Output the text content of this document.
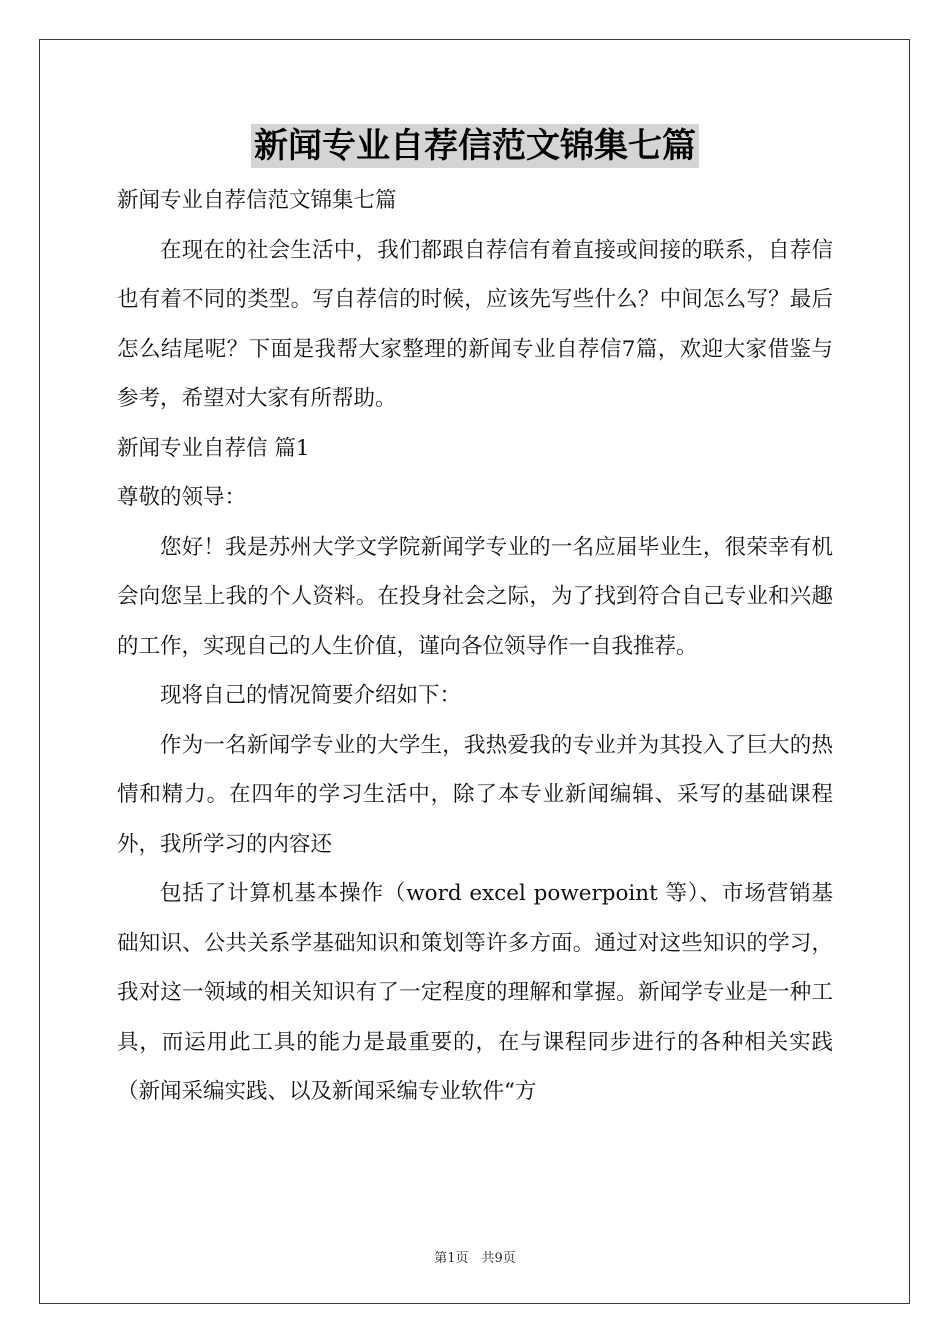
新闻专业自荐信范文锦集七篇

新闻专业自荐信范文锦集七篇

在现在的社会生活中，我们都跟自荐信有着直接或间接的联系，自荐信也有着不同的类型。写自荐信的时候，应该先写些什么？中间怎么写？最后怎么结尾呢？下面是我帮大家整理的新闻专业自荐信7篇，欢迎大家借鉴与参考，希望对大家有所帮助。

新闻专业自荐信 篇1

尊敬的领导：

您好！我是苏州大学文学院新闻学专业的一名应届毕业生，很荣幸有机会向您呈上我的个人资料。在投身社会之际，为了找到符合自己专业和兴趣的工作，实现自己的人生价值，谨向各位领导作一自我推荐。

现将自己的情况简要介绍如下：

作为一名新闻学专业的大学生，我热爱我的专业并为其投入了巨大的热情和精力。在四年的学习生活中，除了本专业新闻编辑、采写的基础课程外，我所学习的内容还

包括了计算机基本操作（word excel powerpoint 等）、市场营销基础知识、公共关系学基础知识和策划等许多方面。通过对这些知识的学习，我对这一领域的相关知识有了一定程度的理解和掌握。新闻学专业是一种工具，而运用此工具的能力是最重要的，在与课程同步进行的各种相关实践（新闻采编实践、以及新闻采编专业软件“方

第1页　共9页
